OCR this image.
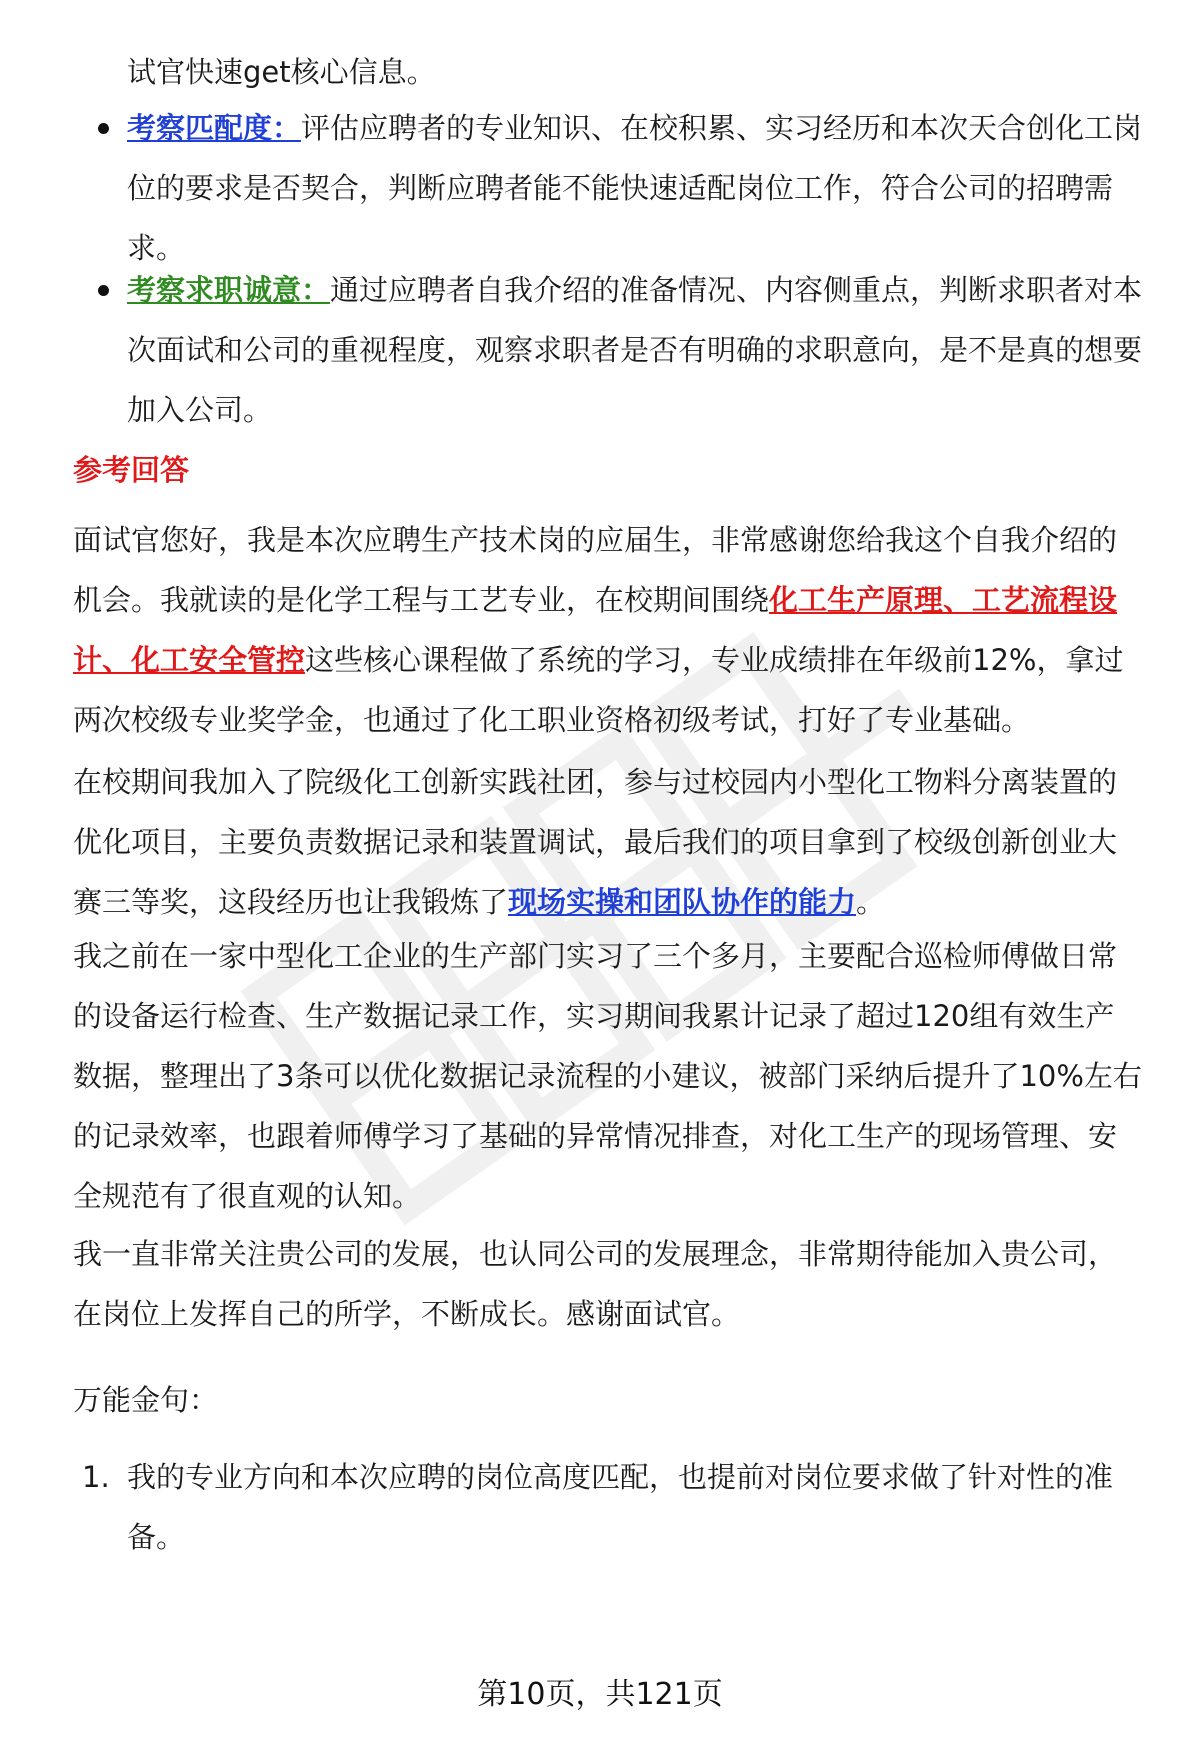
试官快速get核心信息。

考察匹配度：评估应聘者的专业知识、在校积累、实习经历和本次天合创化工岗位的要求是否契合，判断应聘者能不能快速适配岗位工作，符合公司的招聘需求。

考察求职诚意：通过应聘者自我介绍的准备情况、内容侧重点，判断求职者对本次面试和公司的重视程度，观察求职者是否有明确的求职意向，是不是真的想要加入公司。

参考回答

面试官您好，我是本次应聘生产技术岗的应届生，非常感谢您给我这个自我介绍的机会。我就读的是化学工程与工艺专业，在校期间围绕化工生产原理、工艺流程设计、化工安全管控这些核心课程做了系统的学习，专业成绩排在年级前12%，拿过两次校级专业奖学金，也通过了化工职业资格初级考试，打好了专业基础。

在校期间我加入了院级化工创新实践社团，参与过校园内小型化工物料分离装置的优化项目，主要负责数据记录和装置调试，最后我们的项目拿到了校级创新创业大赛三等奖，这段经历也让我锻炼了现场实操和团队协作的能力。

我之前在一家中型化工企业的生产部门实习了三个多月，主要配合巡检师傅做日常的设备运行检查、生产数据记录工作，实习期间我累计记录了超过120组有效生产数据，整理出了3条可以优化数据记录流程的小建议，被部门采纳后提升了10%左右的记录效率，也跟着师傅学习了基础的异常情况排查，对化工生产的现场管理、安全规范有了很直观的认知。

我一直非常关注贵公司的发展，也认同公司的发展理念，非常期待能加入贵公司，在岗位上发挥自己的所学，不断成长。感谢面试官。

万能金句：

1. 我的专业方向和本次应聘的岗位高度匹配，也提前对岗位要求做了针对性的准备。

第10页，共121页
